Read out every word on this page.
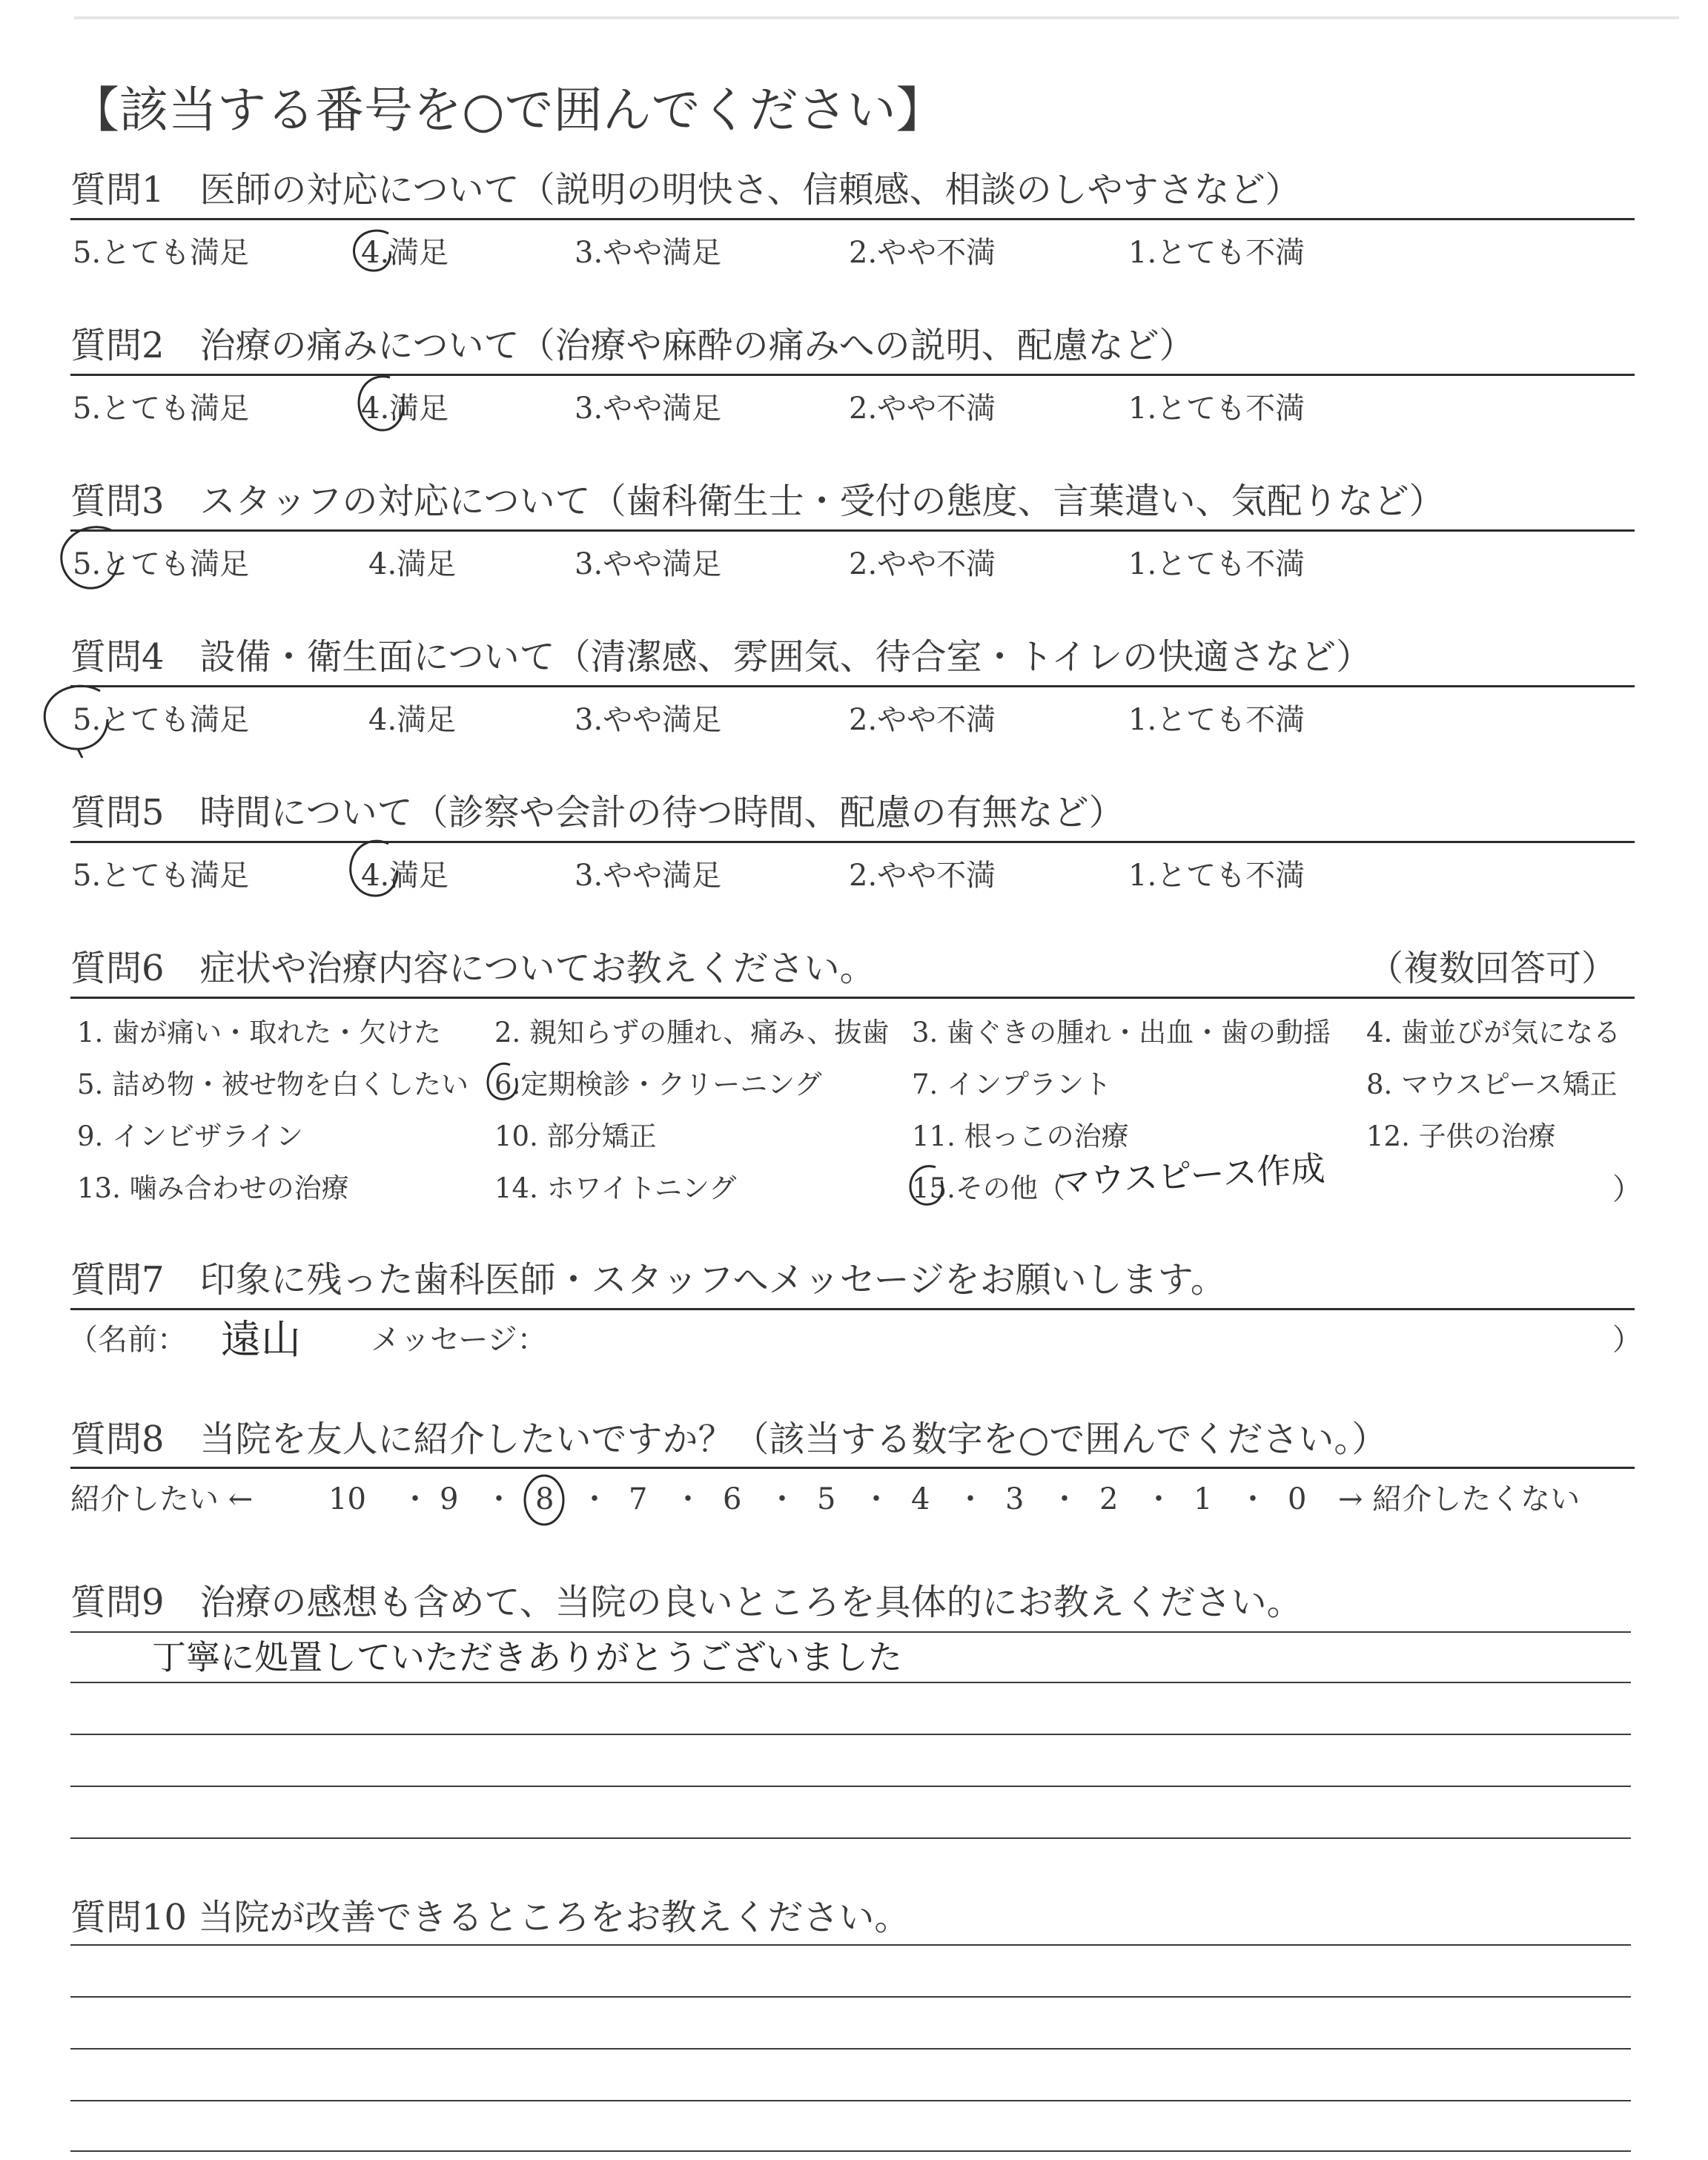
【該当する番号を○で囲んでください】
質問1　医師の対応について（説明の明快さ、信頼感、相談のしやすさなど）
5.とても満足	4.満足	3.やや満足	2.やや不満	1.とても不満
質問2　治療の痛みについて（治療や麻酔の痛みへの説明、配慮など）
5.とても満足	4.満足	3.やや満足	2.やや不満	1.とても不満
質問3　スタッフの対応について（歯科衛生士・受付の態度、言葉遣い、気配りなど）
5.とても満足	4.満足	3.やや満足	2.やや不満	1.とても不満
質問4　設備・衛生面について（清潔感、雰囲気、待合室・トイレの快適さなど）
5.とても満足	4.満足	3.やや満足	2.やや不満	1.とても不満
質問5　時間について（診察や会計の待つ時間、配慮の有無など）
5.とても満足	4.満足	3.やや満足	2.やや不満	1.とても不満
質問6　症状や治療内容についてお教えください。	（複数回答可）
1. 歯が痛い・取れた・欠けた 2. 親知らずの腫れ、痛み、抜歯 3. 歯ぐきの腫れ・出血・歯の動揺 4. 歯並びが気になる
5. 詰め物・被せ物を白くしたい 6.定期検診・クリーニング	7. インプラント	8. マウスピース矯正
9. インビザライン	10. 部分矯正	11. 根っこの治療	12. 子供の治療
13. 噛み合わせの治療	14. ホワイトニング	15.その他（
マウスピース作成	）
質問7　印象に残った歯科医師・スタッフへメッセージをお願いします。
（名前： 遠山 メッセージ：	）
質問8　当院を友人に紹介したいですか？（該当する数字を○で囲んでください。）
紹介したい ←	→ 紹介したくない
10 ・ 9 ・ 8 ・ 7 ・ 6 ・ 5 ・ 4 ・ 3 ・ 2 ・ 1 ・ 0
質問9　治療の感想も含めて、当院の良いところを具体的にお教えください。
丁寧に処置していただきありがとうございました
質問10 当院が改善できるところをお教えください。
